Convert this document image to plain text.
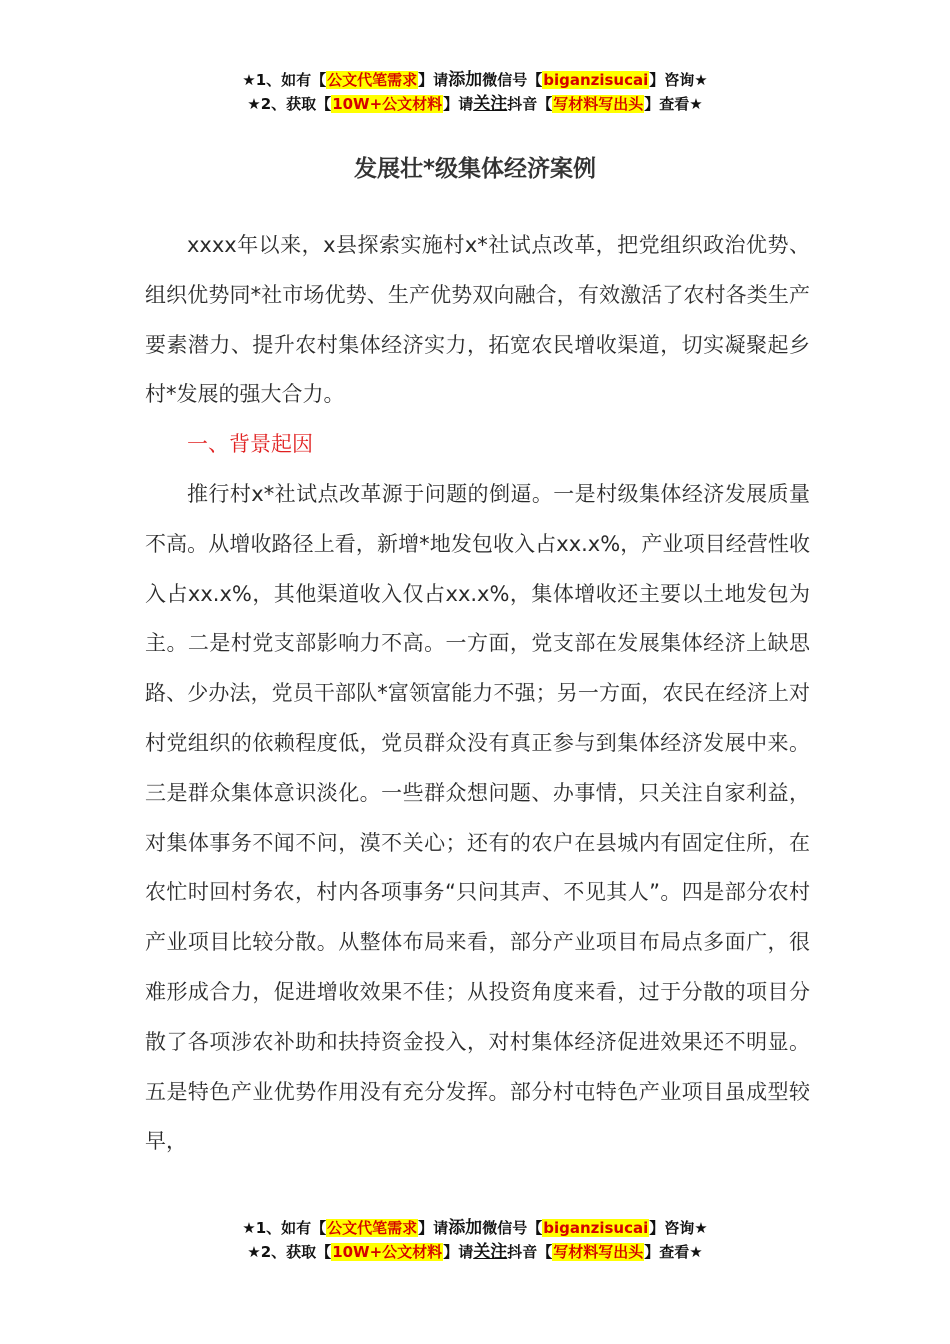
★1、如有【公文代笔需求】请添加微信号【biganzisucai】咨询★
★2、获取【10W+公文材料】请关注抖音【写材料写出头】查看★
发展壮*级集体经济案例

xxxx年以来，x县探索实施村x*社试点改革，把党组织政治优势、组织优势同*社市场优势、生产优势双向融合，有效激活了农村各类生产要素潜力、提升农村集体经济实力，拓宽农民增收渠道，切实凝聚起乡村*发展的强大合力。

一、背景起因

推行村x*社试点改革源于问题的倒逼。一是村级集体经济发展质量不高。从增收路径上看，新增*地发包收入占xx.x%，产业项目经营性收入占xx.x%，其他渠道收入仅占xx.x%，集体增收还主要以土地发包为主。二是村党支部影响力不高。一方面，党支部在发展集体经济上缺思路、少办法，党员干部队*富领富能力不强；另一方面，农民在经济上对村党组织的依赖程度低，党员群众没有真正参与到集体经济发展中来。三是群众集体意识淡化。一些群众想问题、办事情，只关注自家利益，对集体事务不闻不问，漠不关心；还有的农户在县城内有固定住所，在农忙时回村务农，村内各项事务“只问其声、不见其人”。四是部分农村产业项目比较分散。从整体布局来看，部分产业项目布局点多面广，很难形成合力，促进增收效果不佳；从投资角度来看，过于分散的项目分散了各项涉农补助和扶持资金投入，对村集体经济促进效果还不明显。五是特色产业优势作用没有充分发挥。部分村屯特色产业项目虽成型较早，

★1、如有【公文代笔需求】请添加微信号【biganzisucai】咨询★
★2、获取【10W+公文材料】请关注抖音【写材料写出头】查看★
